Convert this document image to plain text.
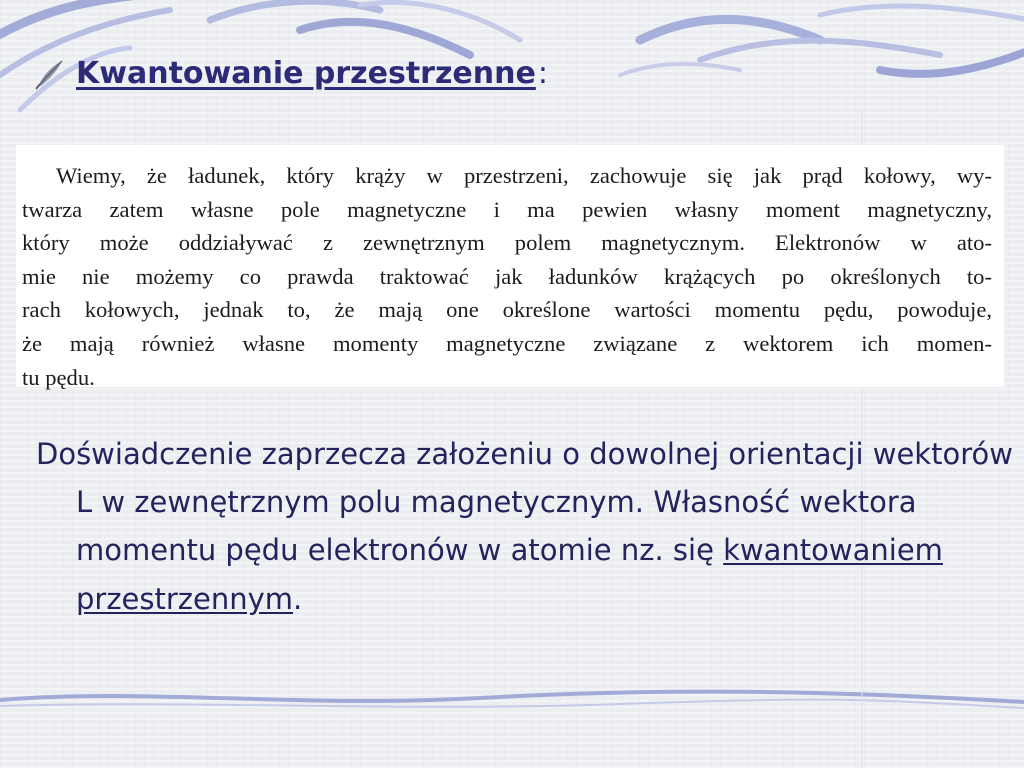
Kwantowanie przestrzenne :
Wiemy, że ładunek, który krąży w przestrzeni, zachowuje się jak prąd kołowy, wy-
twarza zatem własne pole magnetyczne i ma pewien własny moment magnetyczny,
który może oddziaływać z zewnętrznym polem magnetycznym. Elektronów w ato-
mie nie możemy co prawda traktować jak ładunków krążących po określonych to-
rach kołowych, jednak to, że mają one określone wartości momentu pędu, powoduje,
że mają również własne momenty magnetyczne związane z wektorem ich momen-
tu pędu.

Doświadczenie zaprzecza założeniu o dowolnej orientacji wektorów L w zewnętrznym polu magnetycznym. Własność wektora momentu pędu elektronów w atomie nz. się kwantowaniem przestrzennym.
